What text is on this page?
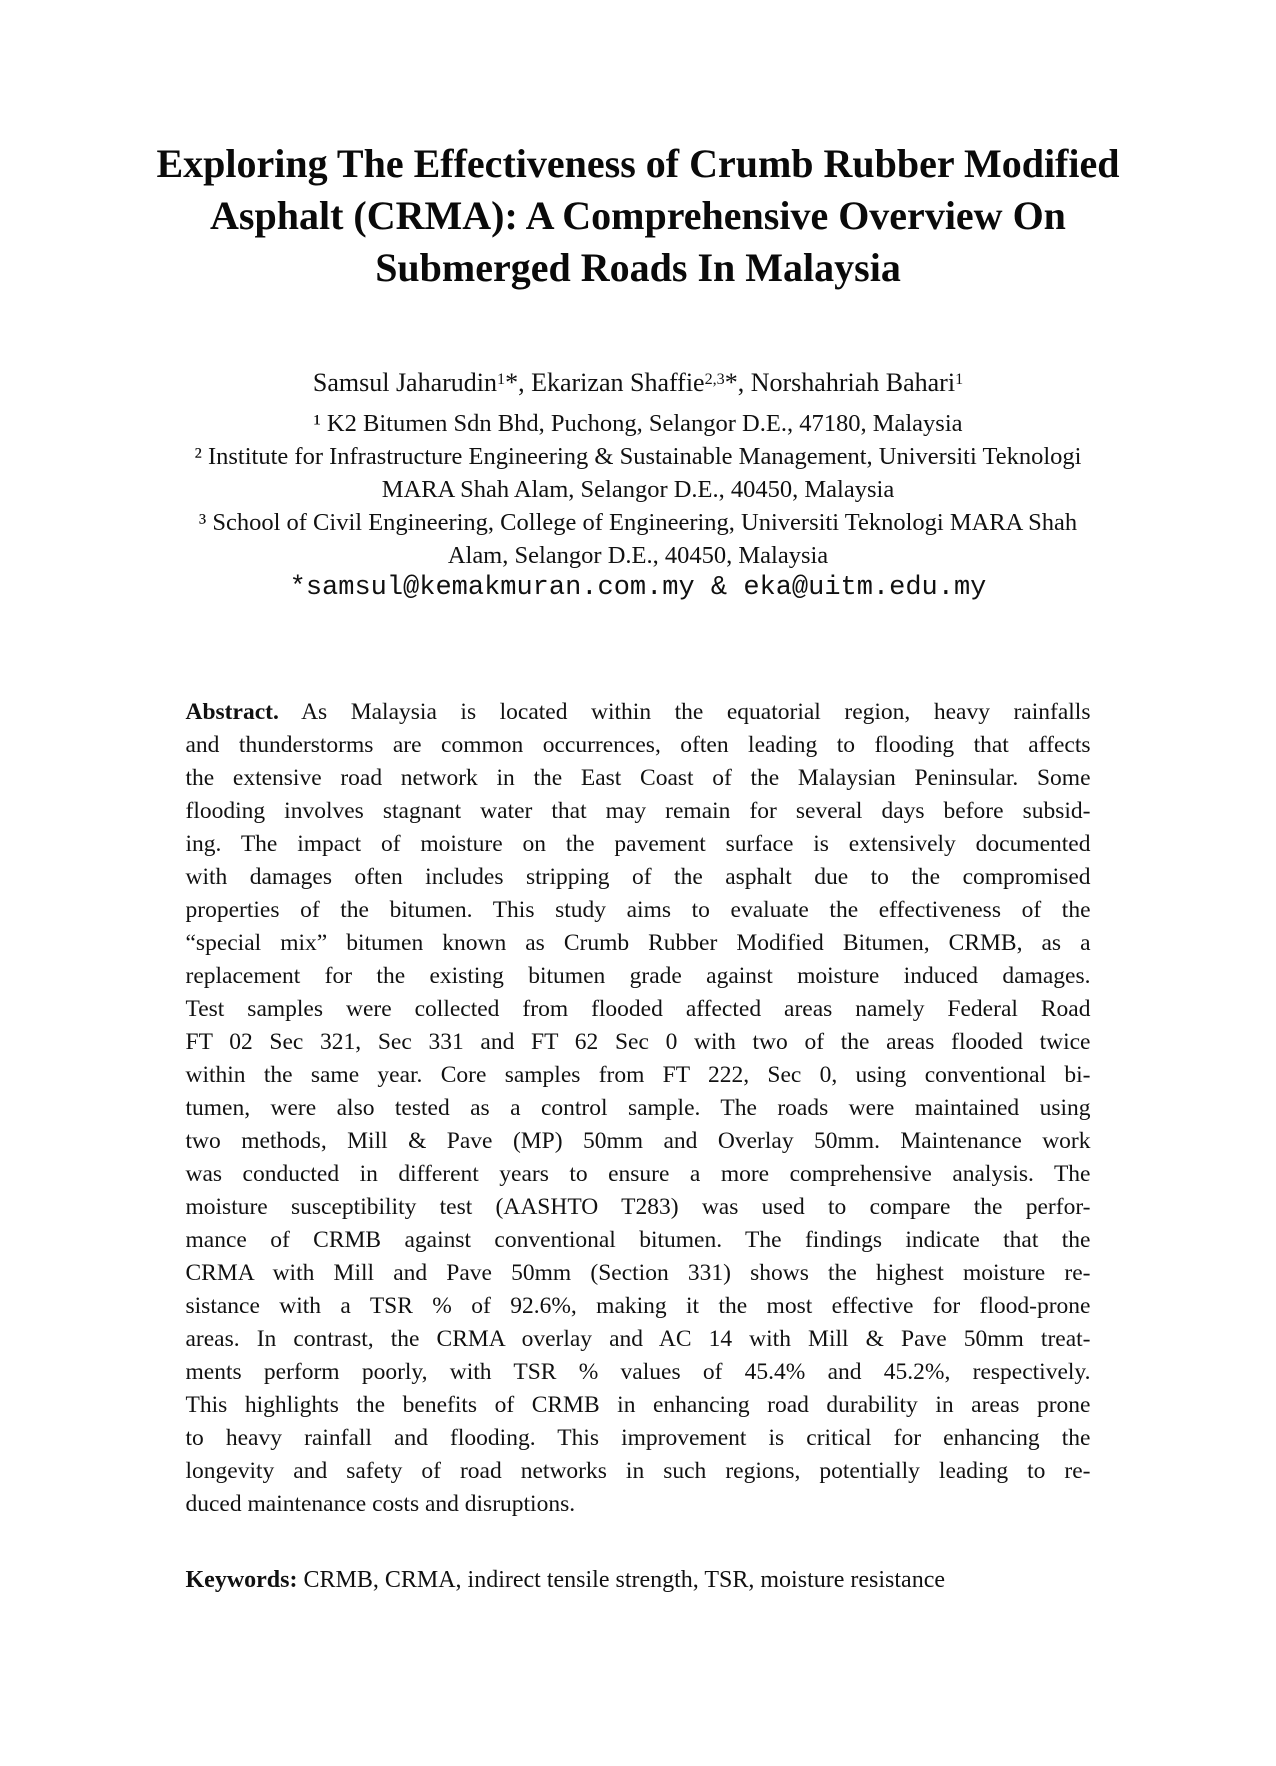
Exploring The Effectiveness of Crumb Rubber Modified
Asphalt (CRMA): A Comprehensive Overview On
Submerged Roads In Malaysia
Samsul Jaharudin$^1$*, Ekarizan Shaffie$^{2,3}$*, Norshahriah Bahari$^1$
¹ K2 Bitumen Sdn Bhd, Puchong, Selangor D.E., 47180, Malaysia
² Institute for Infrastructure Engineering & Sustainable Management, Universiti Teknologi
MARA Shah Alam, Selangor D.E., 40450, Malaysia
³ School of Civil Engineering, College of Engineering, Universiti Teknologi MARA Shah
Alam, Selangor D.E., 40450, Malaysia
*samsul@kemakmuran.com.my & eka@uitm.edu.my
Abstract. As Malaysia is located within the equatorial region, heavy rainfalls
and thunderstorms are common occurrences, often leading to flooding that affects
the extensive road network in the East Coast of the Malaysian Peninsular. Some
flooding involves stagnant water that may remain for several days before subsid-
ing. The impact of moisture on the pavement surface is extensively documented
with damages often includes stripping of the asphalt due to the compromised
properties of the bitumen. This study aims to evaluate the effectiveness of the
“special mix” bitumen known as Crumb Rubber Modified Bitumen, CRMB, as a
replacement for the existing bitumen grade against moisture induced damages.
Test samples were collected from flooded affected areas namely Federal Road
FT 02 Sec 321, Sec 331 and FT 62 Sec 0 with two of the areas flooded twice
within the same year. Core samples from FT 222, Sec 0, using conventional bi-
tumen, were also tested as a control sample. The roads were maintained using
two methods, Mill & Pave (MP) 50mm and Overlay 50mm. Maintenance work
was conducted in different years to ensure a more comprehensive analysis. The
moisture susceptibility test (AASHTO T283) was used to compare the perfor-
mance of CRMB against conventional bitumen. The findings indicate that the
CRMA with Mill and Pave 50mm (Section 331) shows the highest moisture re-
sistance with a TSR % of 92.6%, making it the most effective for flood-prone
areas. In contrast, the CRMA overlay and AC 14 with Mill & Pave 50mm treat-
ments perform poorly, with TSR % values of 45.4% and 45.2%, respectively.
This highlights the benefits of CRMB in enhancing road durability in areas prone
to heavy rainfall and flooding. This improvement is critical for enhancing the
longevity and safety of road networks in such regions, potentially leading to re-
duced maintenance costs and disruptions.
Keywords: CRMB, CRMA, indirect tensile strength, TSR, moisture resistance
